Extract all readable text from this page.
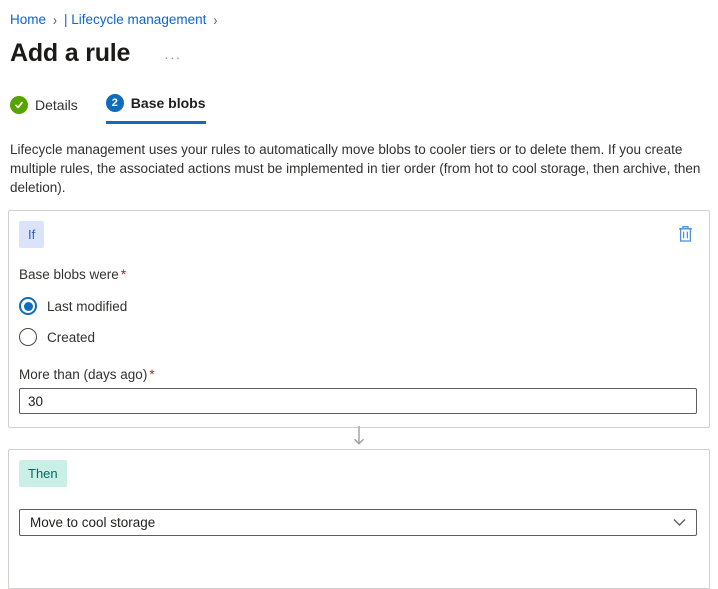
Home › | Lifecycle management ›
Add a rule	···
Details	2 Base blobs

Lifecycle management uses your rules to automatically move blobs to cooler tiers or to delete them. If you create multiple rules, the associated actions must be implemented in tier order (from hot to cool storage, then archive, then deletion).

If
Base blobs were *
Last modified
Created
More than (days ago) *
30
Then
Move to cool storage
